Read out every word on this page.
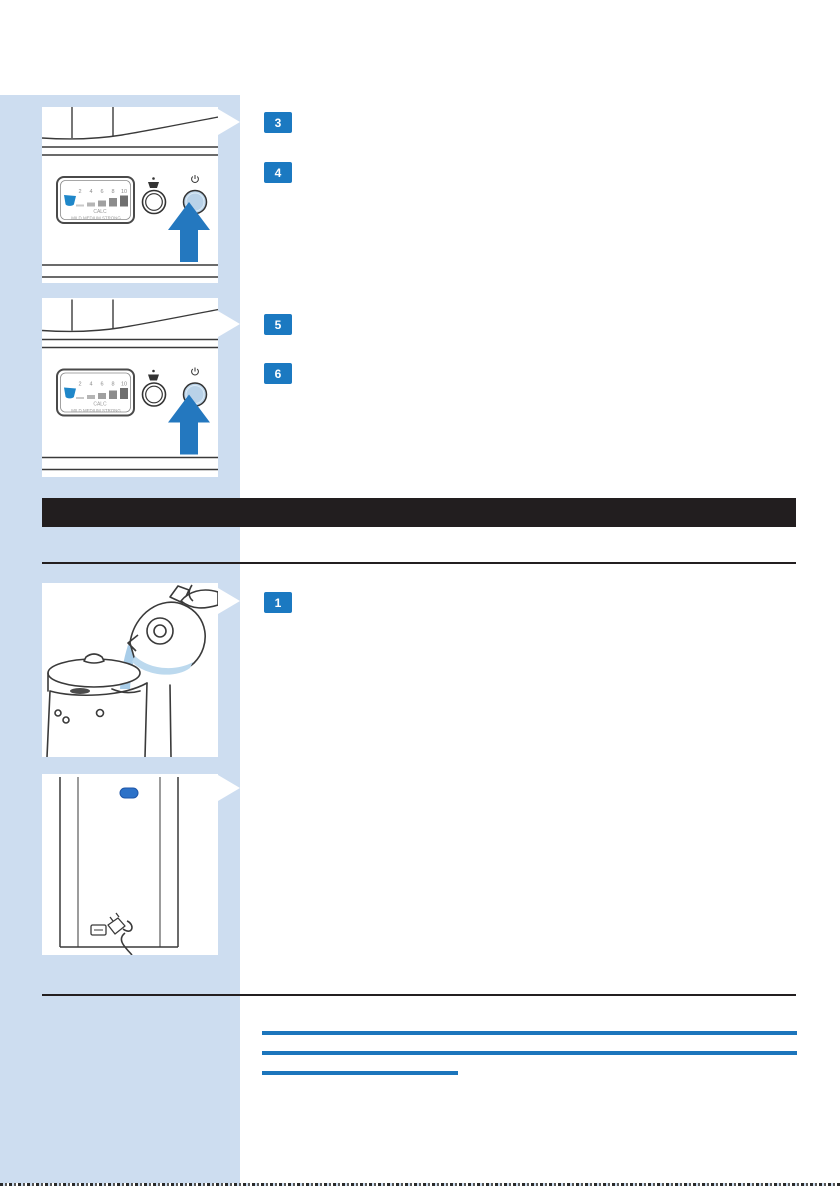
2 4 6 8 10
CALC
MILD MEDIUM STRONG
3
4
2 4 6 8 10
CALC
MILD MEDIUM STRONG
5
6
1
